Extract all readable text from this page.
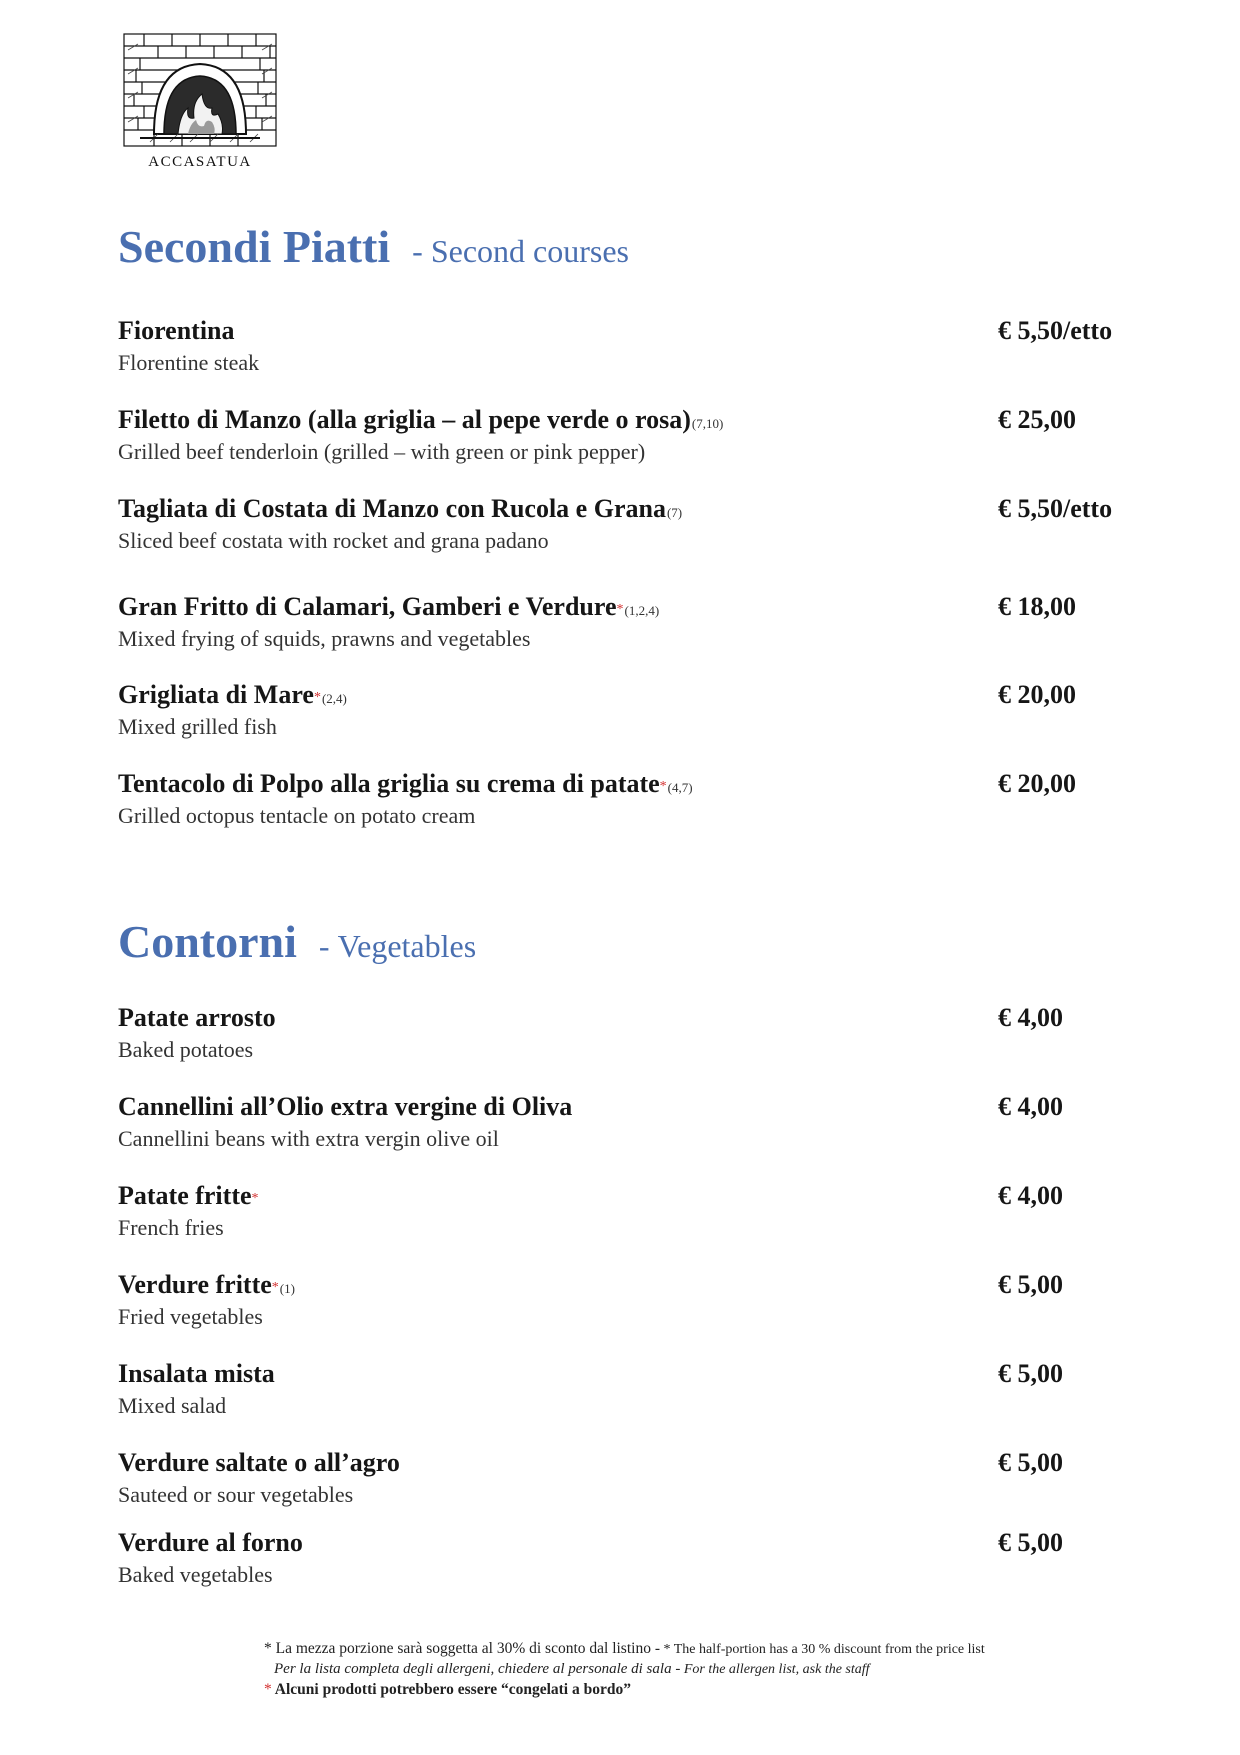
ACCASATUA
Secondi Piatti - Second courses
Fiorentina
Florentine steak
€ 5,50/etto
Filetto di Manzo (alla griglia – al pepe verde o rosa)(7,10)
Grilled beef tenderloin (grilled – with green or pink pepper)
€ 25,00
Tagliata di Costata di Manzo con Rucola e Grana(7)
Sliced beef costata with rocket and grana padano
€ 5,50/etto
Gran Fritto di Calamari, Gamberi e Verdure*(1,2,4)
Mixed frying of squids, prawns and vegetables
€ 18,00
Grigliata di Mare*(2,4)
Mixed grilled fish
€ 20,00
Tentacolo di Polpo alla griglia su crema di patate*(4,7)
Grilled octopus tentacle on potato cream
€ 20,00
Contorni - Vegetables
Patate arrosto
Baked potatoes
€ 4,00
Cannellini all’Olio extra vergine di Oliva
Cannellini beans with extra vergin olive oil
€ 4,00
Patate fritte*
French fries
€ 4,00
Verdure fritte*(1)
Fried vegetables
€ 5,00
Insalata mista
Mixed salad
€ 5,00
Verdure saltate o all’agro
Sauteed or sour vegetables
€ 5,00
Verdure al forno
Baked vegetables
€ 5,00
* La mezza porzione sarà soggetta al 30% di sconto dal listino - * The half-portion has a 30 % discount from the price list
Per la lista completa degli allergeni, chiedere al personale di sala - For the allergen list, ask the staff
* Alcuni prodotti potrebbero essere “congelati a bordo”
